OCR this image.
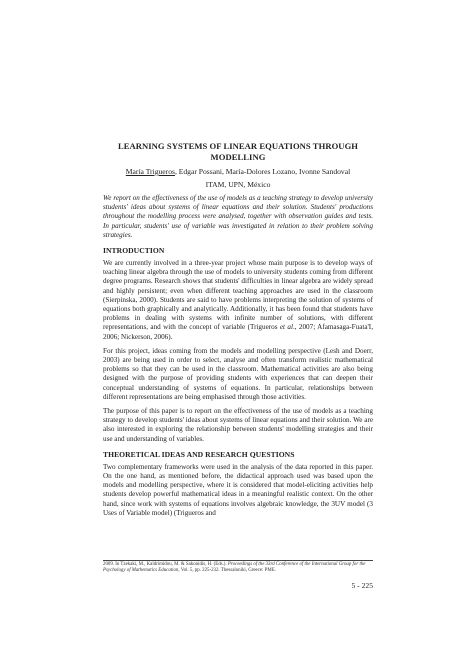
LEARNING SYSTEMS OF LINEAR EQUATIONS THROUGH MODELLING

María Trigueros, Edgar Possani, María-Dolores Lozano, Ivonne Sandoval

ITAM, UPN, México

We report on the effectiveness of the use of models as a teaching strategy to develop university students' ideas about systems of linear equations and their solution. Students' productions throughout the modelling process were analysed, together with observation guides and tests. In particular, students' use of variable was investigated in relation to their problem solving strategies.

INTRODUCTION

We are currently involved in a three-year project whose main purpose is to develop ways of teaching linear algebra through the use of models to university students coming from different degree programs. Research shows that students' difficulties in linear algebra are widely spread and highly persistent; even when different teaching approaches are used in the classroom (Sierpinska, 2000). Students are said to have problems interpreting the solution of systems of equations both graphically and analytically. Additionally, it has been found that students have problems in dealing with systems with infinite number of solutions, with different representations, and with the concept of variable (Trigueros et al., 2007; Afamasaga-Fuata'I, 2006; Nickerson, 2006).

For this project, ideas coming from the models and modelling perspective (Lesh and Doerr, 2003) are being used in order to select, analyse and often transform realistic mathematical problems so that they can be used in the classroom. Mathematical activities are also being designed with the purpose of providing students with experiences that can deepen their conceptual understanding of systems of equations. In particular, relationships between different representations are being emphasised through those activities.

The purpose of this paper is to report on the effectiveness of the use of models as a teaching strategy to develop students' ideas about systems of linear equations and their solution. We are also interested in exploring the relationship between students' modelling strategies and their use and understanding of variables.

THEORETICAL IDEAS AND RESEARCH QUESTIONS

Two complementary frameworks were used in the analysis of the data reported in this paper. On the one hand, as mentioned before, the didactical approach used was based upon the models and modelling perspective, where it is considered that model-eliciting activities help students develop powerful mathematical ideas in a meaningful realistic context. On the other hand, since work with systems of equations involves algebraic knowledge, the 3UV model (3 Uses of Variable model) (Trigueros and

2009. In Tzekaki, M., Kaldrimidou, M. & Sakonidis, H. (Eds.). Proceedings of the 33rd Conference of the International Group for the Psychology of Mathematics Education, Vol. 5, pp. 225-232. Thessaloniki, Greece: PME.
5 - 225
